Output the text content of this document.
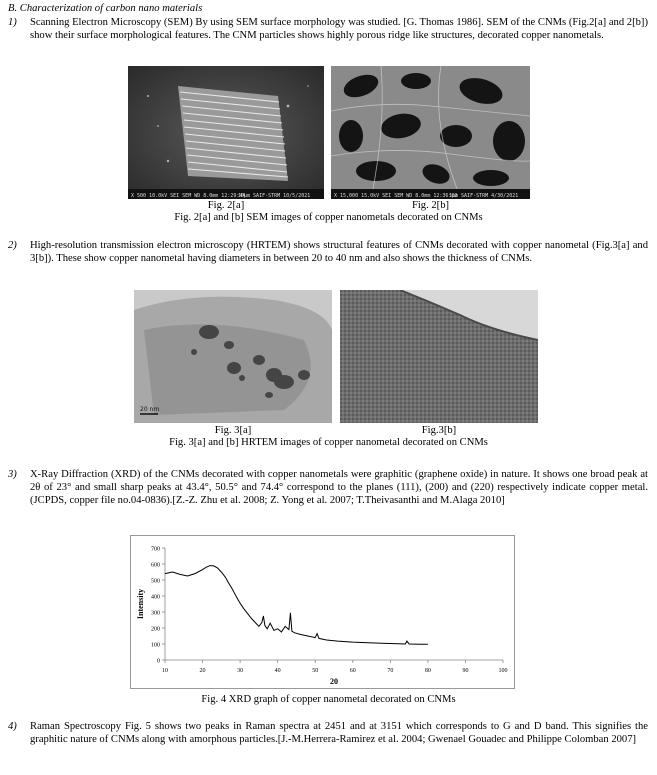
B. Characterization of carbon nano materials
1) Scanning Electron Microscopy (SEM) By using SEM surface morphology was studied. [G. Thomas 1986]. SEM of the CNMs (Fig.2[a] and 2[b]) show their surface morphological features. The CNM particles shows highly porous ridge like structures, decorated copper nanometals.
X 500 10.0kV SEI SEM WD 8.0mm 12:29:44
10μm SAIF-STRM 10/5/2021	X 15,000 15.0kV SEI SEM WD 8.0mm 12:36:02
1μm SAIF-STRM 4/30/2021
Fig. 2[a]	Fig. 2[b]
Fig. 2[a] and [b] SEM images of copper nanometals decorated on CNMs
2) High-resolution transmission electron microscopy (HRTEM) shows structural features of CNMs decorated with copper nanometal (Fig.3[a] and 3[b]). These show copper nanometal having diameters in between 20 to 40 nm and also shows the thickness of CNMs.
20 nm
Fig. 3[a]	Fig.3[b]
Fig. 3[a] and [b] HRTEM images of copper nanometal decorated on CNMs
3) X-Ray Diffraction (XRD) of the CNMs decorated with copper nanometals were graphitic (graphene oxide) in nature. It shows one broad peak at 2θ of 23° and small sharp peaks at 43.4°, 50.5° and 74.4° correspond to the planes (111), (200) and (220) respectively indicate copper metal. (JCPDS, copper file no.04-0836).[Z.-Z. Zhu et al. 2008; Z. Yong et al. 2007; T.Theivasanthi and M.Alaga 2010]
Intensity
20
0
100
200
300
400
500
600
700
10	20	30	40	50	60	70	80	90	100
Fig. 4 XRD graph of copper nanometal decorated on CNMs
4) Raman Spectroscopy Fig. 5 shows two peaks in Raman spectra at 2451 and at 3151 which corresponds to G and D band. This signifies the graphitic nature of CNMs along with amorphous particles.[J.-M.Herrera-Ramirez et al. 2004; Gwenael Gouadec and Philippe Colomban 2007]
